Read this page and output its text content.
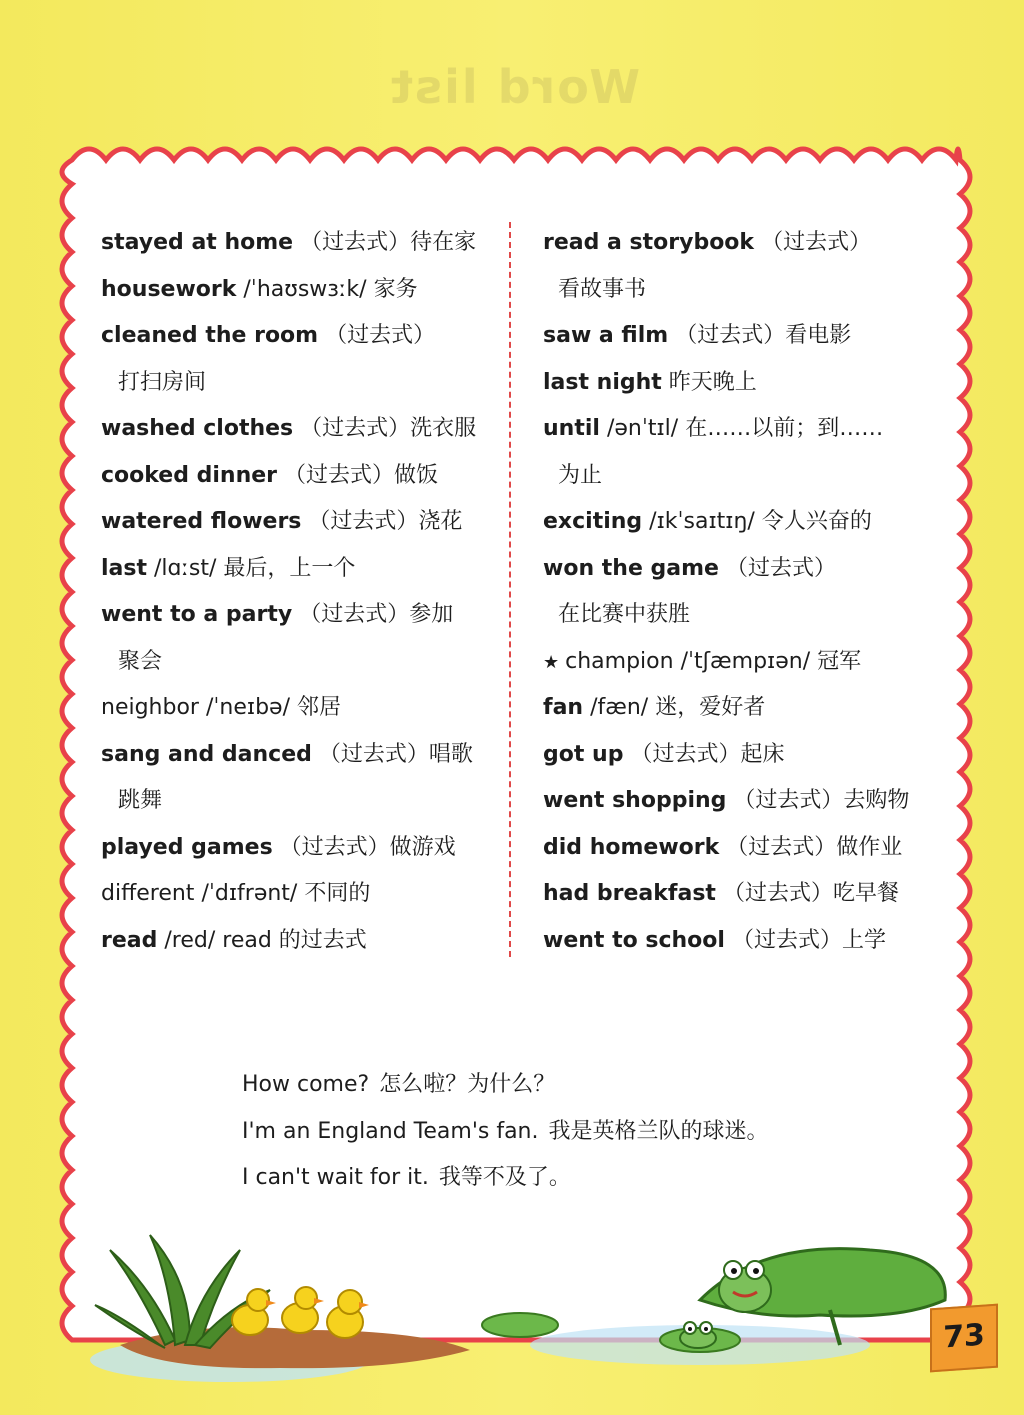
Word list
stayed at home （过去式）待在家
housework /ˈhaʊswɜːk/ 家务
cleaned the room （过去式）
打扫房间
washed clothes （过去式）洗衣服
cooked dinner （过去式）做饭
watered flowers （过去式）浇花
last /lɑːst/ 最后，上一个
went to a party （过去式）参加
聚会
neighbor /ˈneɪbə/ 邻居
sang and danced （过去式）唱歌
跳舞
played games （过去式）做游戏
different /ˈdɪfrənt/ 不同的
read /red/ read 的过去式
read a storybook （过去式）
看故事书
saw a film （过去式）看电影
last night 昨天晚上
until /ənˈtɪl/ 在……以前；到……
为止
exciting /ɪkˈsaɪtɪŋ/ 令人兴奋的
won the game （过去式）
在比赛中获胜
★ champion /ˈtʃæmpɪən/ 冠军
fan /fæn/ 迷，爱好者
got up （过去式）起床
went shopping （过去式）去购物
did homework （过去式）做作业
had breakfast （过去式）吃早餐
went to school （过去式）上学
How come? 怎么啦？为什么？
I'm an England Team's fan. 我是英格兰队的球迷。
I can't wait for it. 我等不及了。
73
